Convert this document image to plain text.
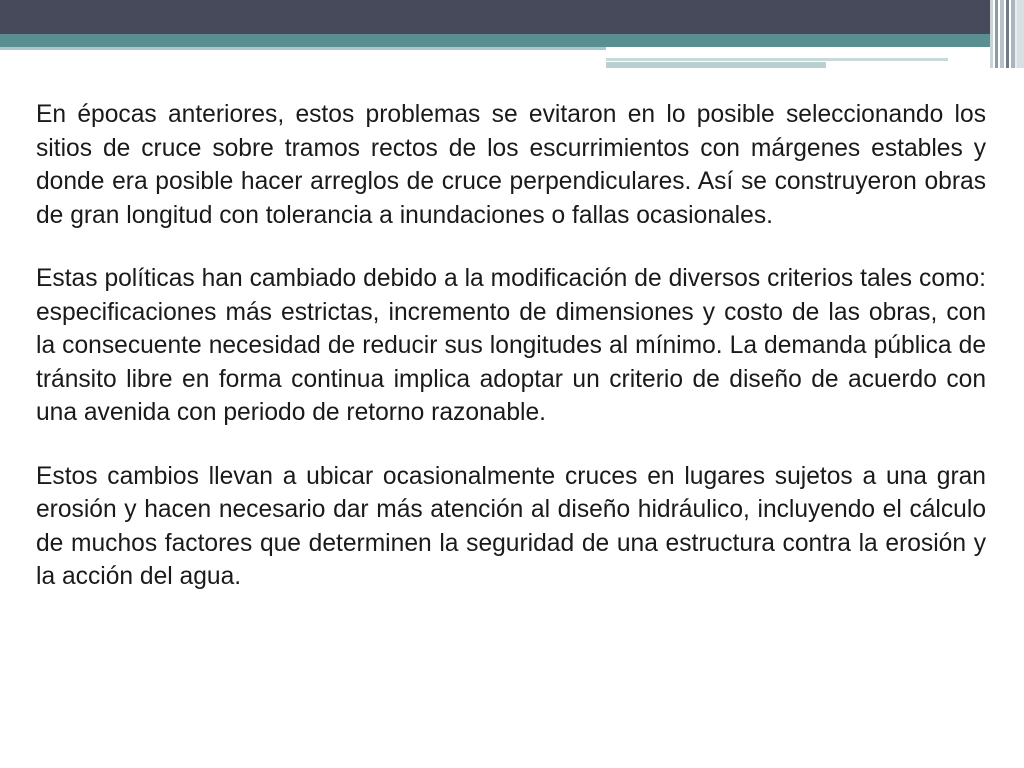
En épocas anteriores, estos problemas se evitaron en lo posible seleccionando los sitios de cruce sobre tramos rectos de los escurrimientos con márgenes estables y donde era posible hacer arreglos de cruce perpendiculares. Así se construyeron obras de gran longitud con tolerancia a inundaciones o fallas ocasionales.

Estas políticas han cambiado debido a la modificación de diversos criterios tales como: especificaciones más estrictas, incremento de dimensiones y costo de las obras, con la consecuente necesidad de reducir sus longitudes al mínimo. La demanda pública de tránsito libre en forma continua implica adoptar un criterio de diseño de acuerdo con una avenida con periodo de retorno razonable.

Estos cambios llevan a ubicar ocasionalmente cruces en lugares sujetos a una gran erosión y hacen necesario dar más atención al diseño hidráulico, incluyendo el cálculo de muchos factores que determinen la seguridad de una estructura contra la erosión y la acción del agua.
